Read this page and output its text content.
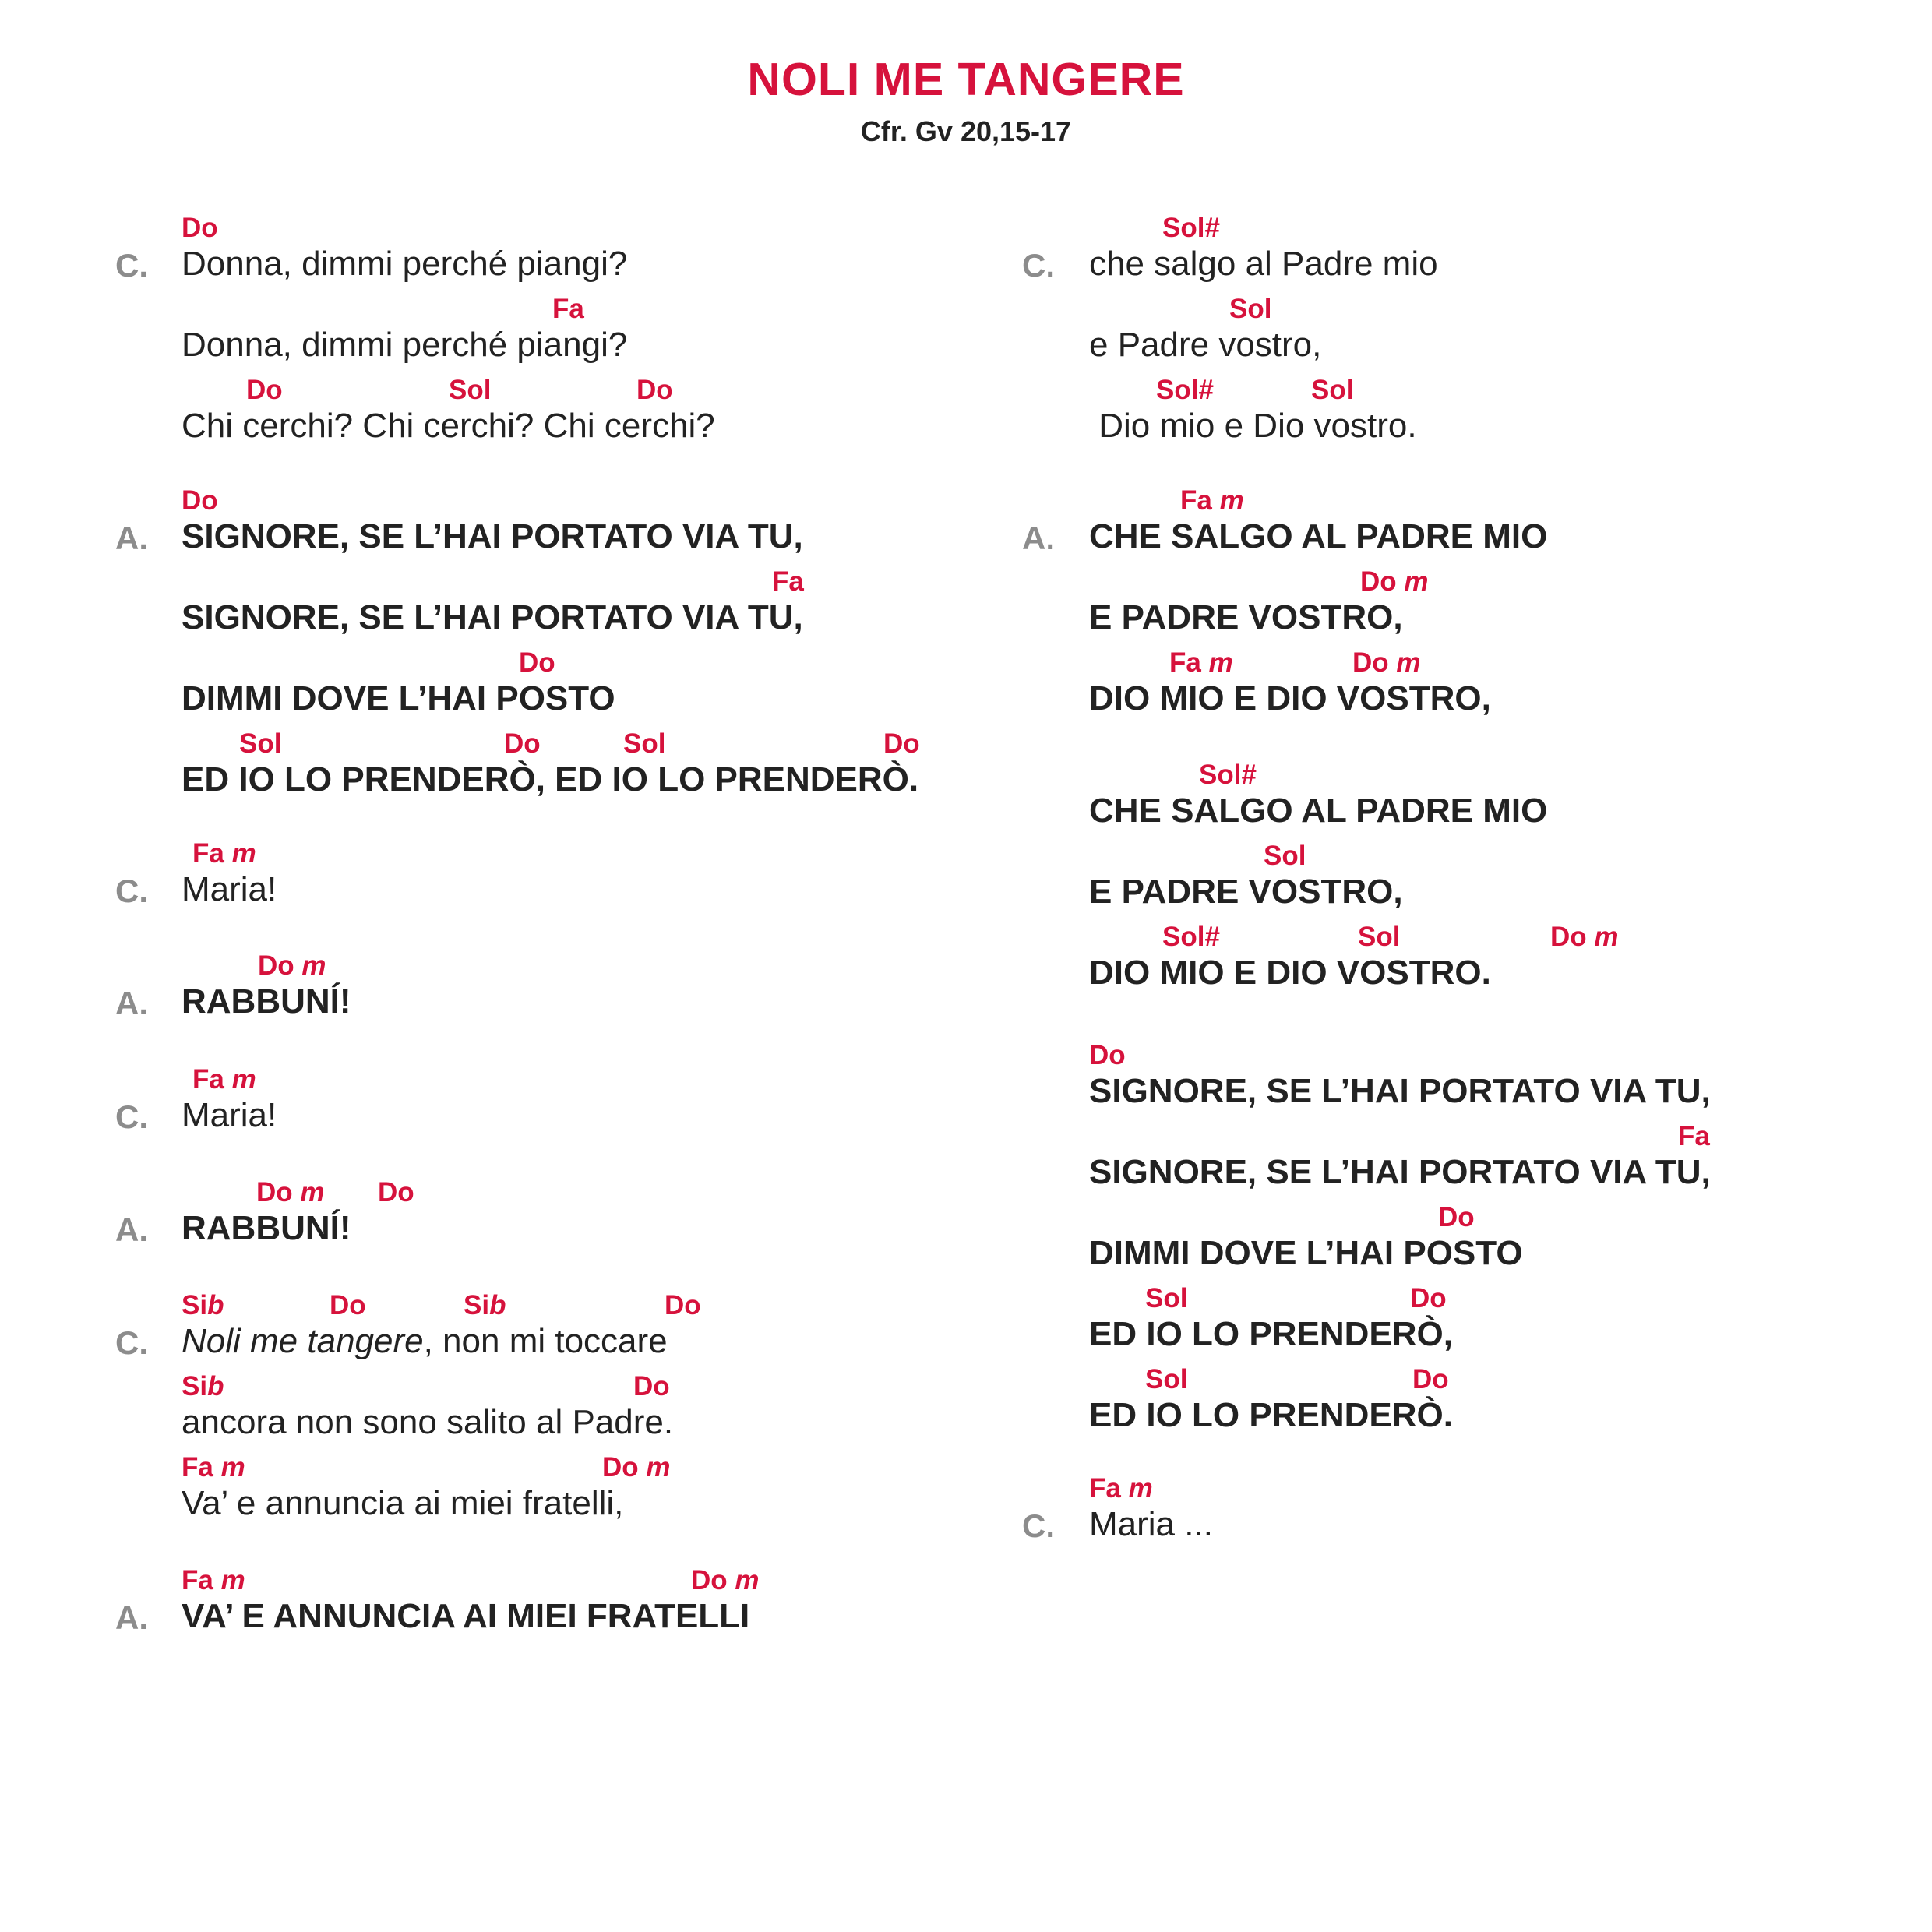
NOLI ME TANGERE
Cfr. Gv 20,15-17
C.
Do
Donna, dimmi perché piangi?
Fa
Donna, dimmi perché piangi?
Do	Sol	Do
Chi cerchi? Chi cerchi? Chi cerchi?
A.
Do
SIGNORE, SE L’HAI PORTATO VIA TU,
Fa
SIGNORE, SE L’HAI PORTATO VIA TU,
Do
DIMMI DOVE L’HAI POSTO
Sol	Do	Sol	Do
ED IO LO PRENDERÒ, ED IO LO PRENDERÒ.
C.
Fa m
Maria!
A.
Do m
RABBUNÍ!
C.
Fa m
Maria!
A.
Do m Do
RABBUNÍ!
C.
Sib	Do	Sib	Do
Noli me tangere, non mi toccare
Sib	Do
ancora non sono salito al Padre.
Fa m	Do m
Va’ e annuncia ai miei fratelli,
A.
Fa m	Do m
VA’ E ANNUNCIA AI MIEI FRATELLI
C.
Sol#
che salgo al Padre mio
Sol
e Padre vostro,
Sol#	Sol
Dio mio e Dio vostro.
A.
Fa m
CHE SALGO AL PADRE MIO
Do m
E PADRE VOSTRO,
Fa m	Do m
DIO MIO E DIO VOSTRO,
Sol#
CHE SALGO AL PADRE MIO
Sol
E PADRE VOSTRO,
Sol#	Sol	Do m
DIO MIO E DIO VOSTRO.
Do
SIGNORE, SE L’HAI PORTATO VIA TU,
Fa
SIGNORE, SE L’HAI PORTATO VIA TU,
Do
DIMMI DOVE L’HAI POSTO
Sol	Do
ED IO LO PRENDERÒ,
Sol	Do
ED IO LO PRENDERÒ.
C.
Fa m
Maria ...
